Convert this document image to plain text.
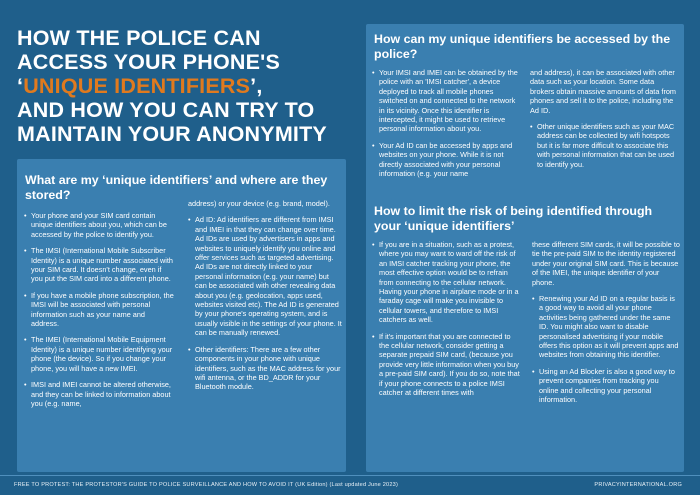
HOW THE POLICE CAN
ACCESS YOUR PHONE'S
‘UNIQUE IDENTIFIERS’,
AND HOW YOU CAN TRY TO
MAINTAIN YOUR ANONYMITY
What are my ‘unique identifiers’ and where are they stored?
• Your phone and your SIM card contain unique identifiers about you, which can be accessed by the police to identify you.
• The IMSI (International Mobile Subscriber Identity) is a unique number associated with your SIM card. It doesn't change, even if you put the SIM card into a different phone.
• If you have a mobile phone subscription, the IMSI will be associated with personal information such as your name and address.
• The IMEI (International Mobile Equipment Identity) is a unique number identifying your phone (the device). So if you change your phone, you will have a new IMEI.
• IMSI and IMEI cannot be altered otherwise, and they can be linked to information about you (e.g. name,
address) or your device (e.g. brand, model).
• Ad ID: Ad identifiers are different from IMSI and IMEI in that they can change over time. Ad IDs are used by advertisers in apps and websites to uniquely identify you online and offer services such as targeted advertising. Ad IDs are not directly linked to your personal information (e.g. your name) but can be associated with other revealing data about you (e.g. geolocation, apps used, websites visited etc). The Ad ID is generated by your phone's operating system, and is usually visible in the settings of your phone. It can be manually renewed.
• Other identifiers: There are a few other components in your phone with unique identifiers, such as the MAC address for your wifi antenna, or the BD_ADDR for your Bluetooth module.
How can my unique identifiers be accessed by the police?
• Your IMSI and IMEI can be obtained by the police with an 'IMSI catcher', a device deployed to track all mobile phones switched on and connected to the network in its vicinity. Once this identifier is intercepted, it might be used to retrieve personal information about you.
• Your Ad ID can be accessed by apps and websites on your phone. While it is not directly associated with your personal information (e.g. your name
and address), it can be associated with other data such as your location. Some data brokers obtain massive amounts of data from phones and sell it to the police, including the Ad ID.
• Other unique identifiers such as your MAC address can be collected by wifi hotspots but it is far more difficult to associate this with personal information that can be used to identify you.
How to limit the risk of being identified through your ‘unique identifiers’
• If you are in a situation, such as a protest, where you may want to ward off the risk of an IMSI catcher tracking your phone, the most effective option would be to refrain from connecting to the cellular network. Having your phone in airplane mode or in a faraday cage will make you invisible to cellular towers, and therefore to IMSI catchers as well.
• If it's important that you are connected to the cellular network, consider getting a separate prepaid SIM card, (because you provide very little information when you buy a pre-paid SIM card). If you do so, note that if your phone connects to a police IMSI catcher at different times with
these different SIM cards, it will be possible to tie the pre-paid SIM to the identity registered under your original SIM card. This is because of the IMEI, the unique identifier of your phone.
• Renewing your Ad ID on a regular basis is a good way to avoid all your phone activities being gathered under the same ID. You might also want to disable personalised advertising if your mobile offers this option as it will prevent apps and websites from obtaining this identifier.
• Using an Ad Blocker is also a good way to prevent companies from tracking you online and collecting your personal information.
FREE TO PROTEST: THE PROTESTOR'S GUIDE TO POLICE SURVEILLANCE AND HOW TO AVOID IT (UK Edition) (Last updated June 2023)	PRIVACYINTERNATIONAL.ORG
